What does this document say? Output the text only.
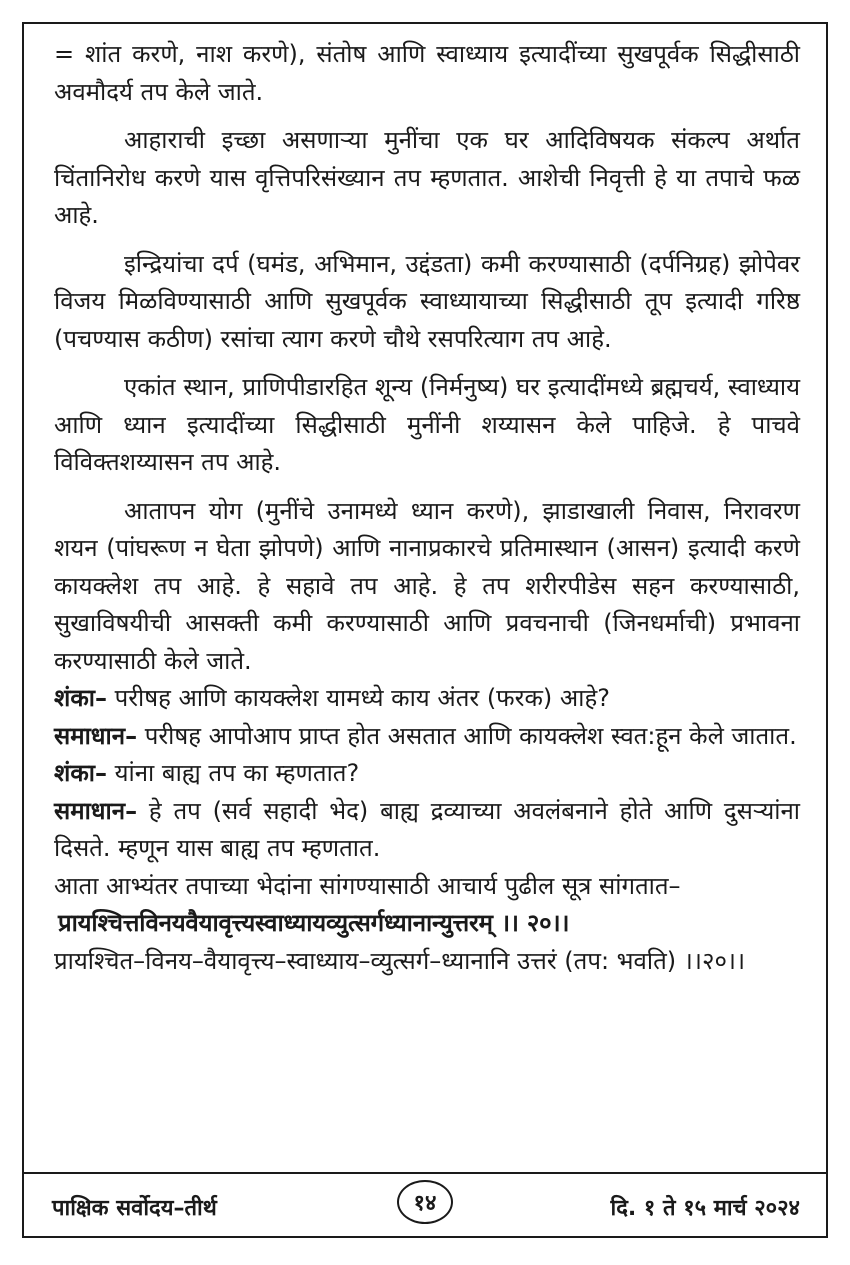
= शांत करणे, नाश करणे), संतोष आणि स्वाध्याय इत्यादींच्या सुखपूर्वक सिद्धीसाठी अवमौदर्य तप केले जाते.

आहाराची इच्छा असणाऱ्या मुनींचा एक घर आदिविषयक संकल्प अर्थात चिंतानिरोध करणे यास वृत्तिपरिसंख्यान तप म्हणतात. आशेची निवृत्ती हे या तपाचे फळ आहे.

इन्द्रियांचा दर्प (घमंड, अभिमान, उद्दंडता) कमी करण्यासाठी (दर्पनिग्रह) झोपेवर विजय मिळविण्यासाठी आणि सुखपूर्वक स्वाध्यायाच्या सिद्धीसाठी तूप इत्यादी गरिष्ठ (पचण्यास कठीण) रसांचा त्याग करणे चौथे रसपरित्याग तप आहे.

एकांत स्थान, प्राणिपीडारहित शून्य (निर्मनुष्य) घर इत्यादींमध्ये ब्रह्मचर्य, स्वाध्याय आणि ध्यान इत्यादींच्या सिद्धीसाठी मुनींनी शय्यासन केले पाहिजे. हे पाचवे विविक्तशय्यासन तप आहे.

आतापन योग (मुनींचे उनामध्ये ध्यान करणे), झाडाखाली निवास, निरावरण शयन (पांघरूण न घेता झोपणे) आणि नानाप्रकारचे प्रतिमास्थान (आसन) इत्यादी करणे कायक्लेश तप आहे. हे सहावे तप आहे. हे तप शरीरपीडेस सहन करण्यासाठी, सुखाविषयीची आसक्ती कमी करण्यासाठी आणि प्रवचनाची (जिनधर्माची) प्रभावना करण्यासाठी केले जाते.

शंका– परीषह आणि कायक्लेश यामध्ये काय अंतर (फरक) आहे?

समाधान– परीषह आपोआप प्राप्त होत असतात आणि कायक्लेश स्वत:हून केले जातात.

शंका– यांना बाह्य तप का म्हणतात?

समाधान– हे तप (सर्व सहादी भेद) बाह्य द्रव्याच्या अवलंबनाने होते आणि दुसऱ्यांना दिसते. म्हणून यास बाह्य तप म्हणतात.

आता आभ्यंतर तपाच्या भेदांना सांगण्यासाठी आचार्य पुढील सूत्र सांगतात–

प्रायश्चित्तविनयवैयावृत्त्यस्वाध्यायव्युत्सर्गध्यानान्युत्तरम् ।। २०।।

प्रायश्चित–विनय–वैयावृत्त्य–स्वाध्याय–व्युत्सर्ग–ध्यानानि उत्तरं (तप: भवति) ।।२०।।

पाक्षिक सर्वोदय–तीर्थ	१४	दि. १ ते १५ मार्च २०२४
